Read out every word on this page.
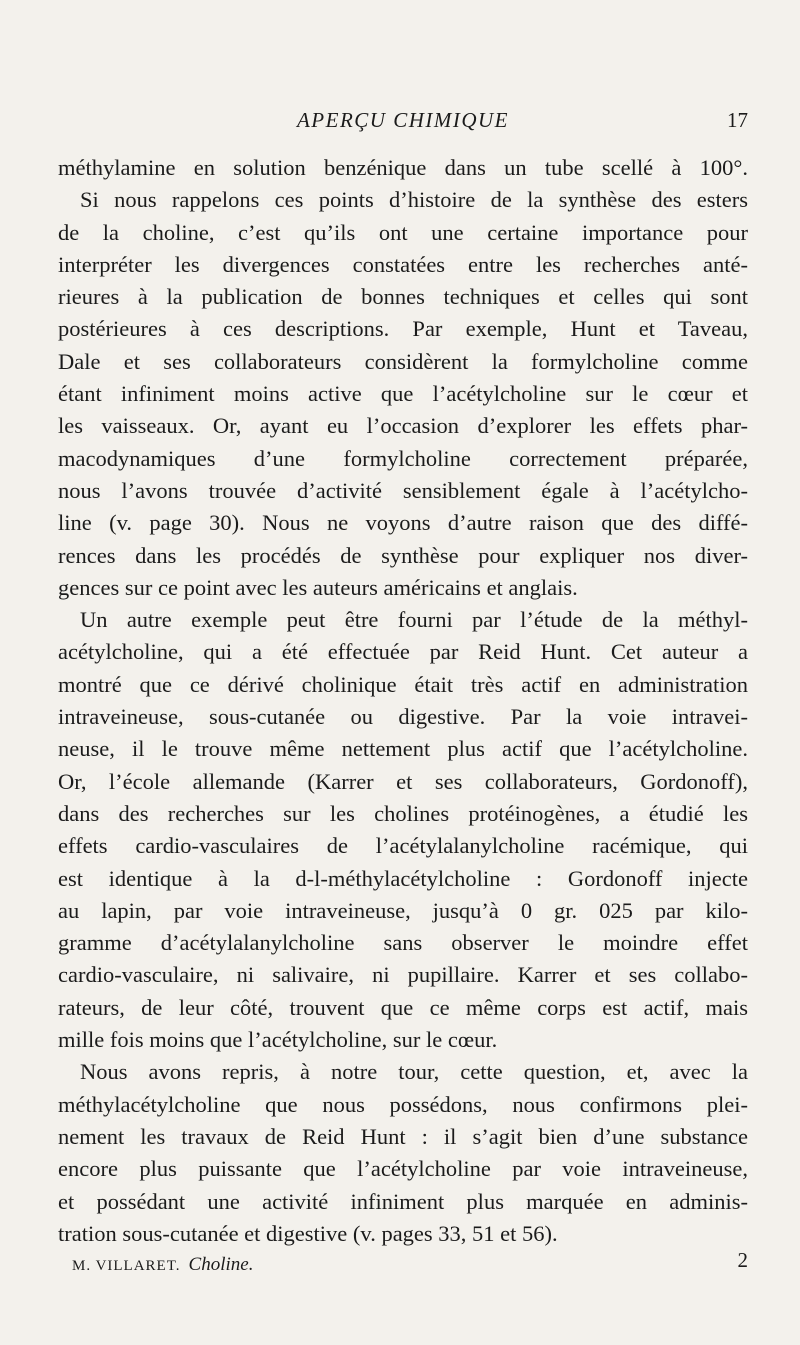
APERÇU CHIMIQUE	17
méthylamine en solution benzénique dans un tube scellé à 100°.
Si nous rappelons ces points d’histoire de la synthèse des esters
de la choline, c’est qu’ils ont une certaine importance pour
interpréter les divergences constatées entre les recherches anté-
rieures à la publication de bonnes techniques et celles qui sont
postérieures à ces descriptions. Par exemple, Hunt et Taveau,
Dale et ses collaborateurs considèrent la formylcholine comme
étant infiniment moins active que l’acétylcholine sur le cœur et
les vaisseaux. Or, ayant eu l’occasion d’explorer les effets phar-
macodynamiques d’une formylcholine correctement préparée,
nous l’avons trouvée d’activité sensiblement égale à l’acétylcho-
line (v. page 30). Nous ne voyons d’autre raison que des diffé-
rences dans les procédés de synthèse pour expliquer nos diver-
gences sur ce point avec les auteurs américains et anglais.
Un autre exemple peut être fourni par l’étude de la méthyl-
acétylcholine, qui a été effectuée par Reid Hunt. Cet auteur a
montré que ce dérivé cholinique était très actif en administration
intraveineuse, sous-cutanée ou digestive. Par la voie intravei-
neuse, il le trouve même nettement plus actif que l’acétylcholine.
Or, l’école allemande (Karrer et ses collaborateurs, Gordonoff),
dans des recherches sur les cholines protéinogènes, a étudié les
effets cardio-vasculaires de l’acétylalanylcholine racémique, qui
est identique à la d-l-méthylacétylcholine : Gordonoff injecte
au lapin, par voie intraveineuse, jusqu’à 0 gr. 025 par kilo-
gramme d’acétylalanylcholine sans observer le moindre effet
cardio-vasculaire, ni salivaire, ni pupillaire. Karrer et ses collabo-
rateurs, de leur côté, trouvent que ce même corps est actif, mais
mille fois moins que l’acétylcholine, sur le cœur.
Nous avons repris, à notre tour, cette question, et, avec la
méthylacétylcholine que nous possédons, nous confirmons plei-
nement les travaux de Reid Hunt : il s’agit bien d’une substance
encore plus puissante que l’acétylcholine par voie intraveineuse,
et possédant une activité infiniment plus marquée en adminis-
tration sous-cutanée et digestive (v. pages 33, 51 et 56).
M. VILLARET. Choline.	2
